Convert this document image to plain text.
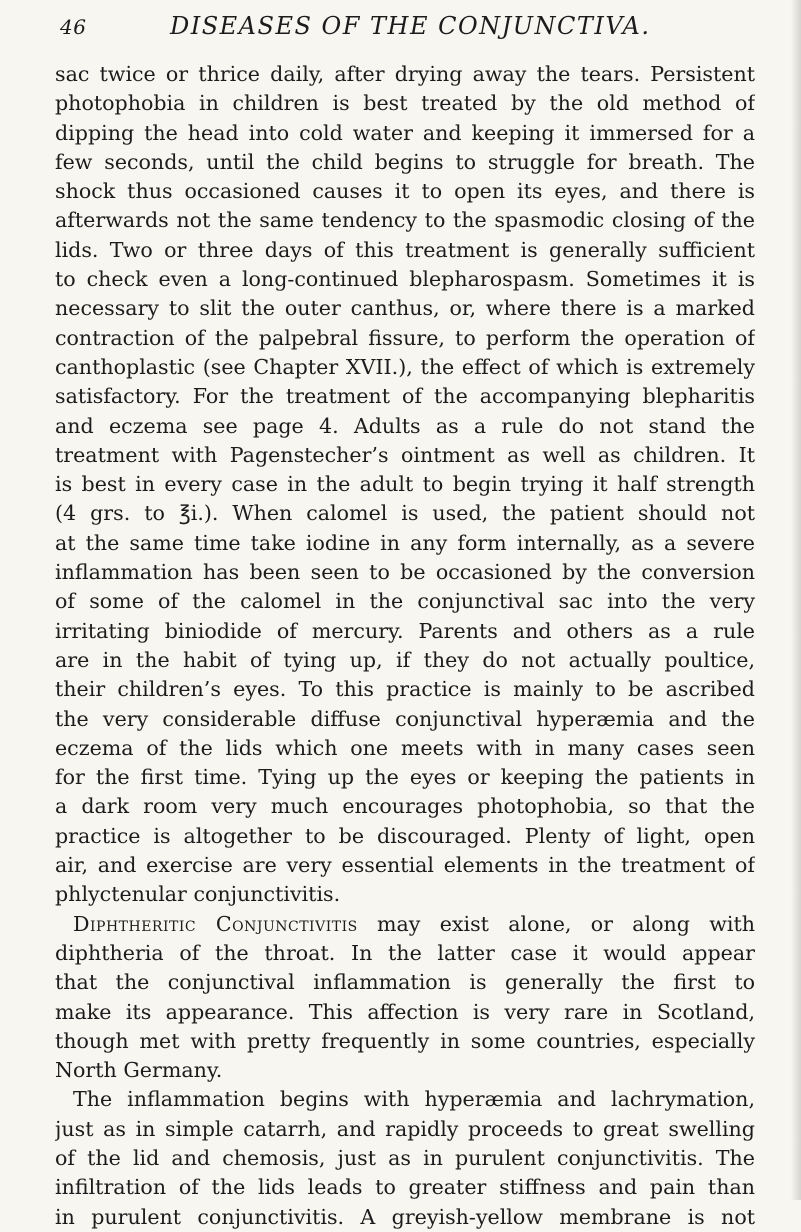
46	DISEASES OF THE CONJUNCTIVA.
sac twice or thrice daily, after drying away the tears. Persistent
photophobia in children is best treated by the old method of
dipping the head into cold water and keeping it immersed for a
few seconds, until the child begins to struggle for breath. The
shock thus occasioned causes it to open its eyes, and there is
afterwards not the same tendency to the spasmodic closing of the
lids. Two or three days of this treatment is generally sufficient
to check even a long-continued blepharospasm. Sometimes it is
necessary to slit the outer canthus, or, where there is a marked
contraction of the palpebral fissure, to perform the operation of
canthoplastic (see Chapter XVII.), the effect of which is extremely
satisfactory. For the treatment of the accompanying blepharitis
and eczema see page 4. Adults as a rule do not stand the
treatment with Pagenstecher’s ointment as well as children. It
is best in every case in the adult to begin trying it half strength
(4 grs. to ℥i.). When calomel is used, the patient should not
at the same time take iodine in any form internally, as a severe
inflammation has been seen to be occasioned by the conversion
of some of the calomel in the conjunctival sac into the very
irritating biniodide of mercury. Parents and others as a rule
are in the habit of tying up, if they do not actually poultice,
their children’s eyes. To this practice is mainly to be ascribed
the very considerable diffuse conjunctival hyperæmia and the
eczema of the lids which one meets with in many cases seen
for the first time. Tying up the eyes or keeping the patients in
a dark room very much encourages photophobia, so that the
practice is altogether to be discouraged. Plenty of light, open
air, and exercise are very essential elements in the treatment of
phlyctenular conjunctivitis.
Diphtheritic Conjunctivitis may exist alone, or along with
diphtheria of the throat. In the latter case it would appear
that the conjunctival inflammation is generally the first to
make its appearance. This affection is very rare in Scotland,
though met with pretty frequently in some countries, especially
North Germany.
The inflammation begins with hyperæmia and lachrymation,
just as in simple catarrh, and rapidly proceeds to great swelling
of the lid and chemosis, just as in purulent conjunctivitis. The
infiltration of the lids leads to greater stiffness and pain than
in purulent conjunctivitis. A greyish-yellow membrane is not
